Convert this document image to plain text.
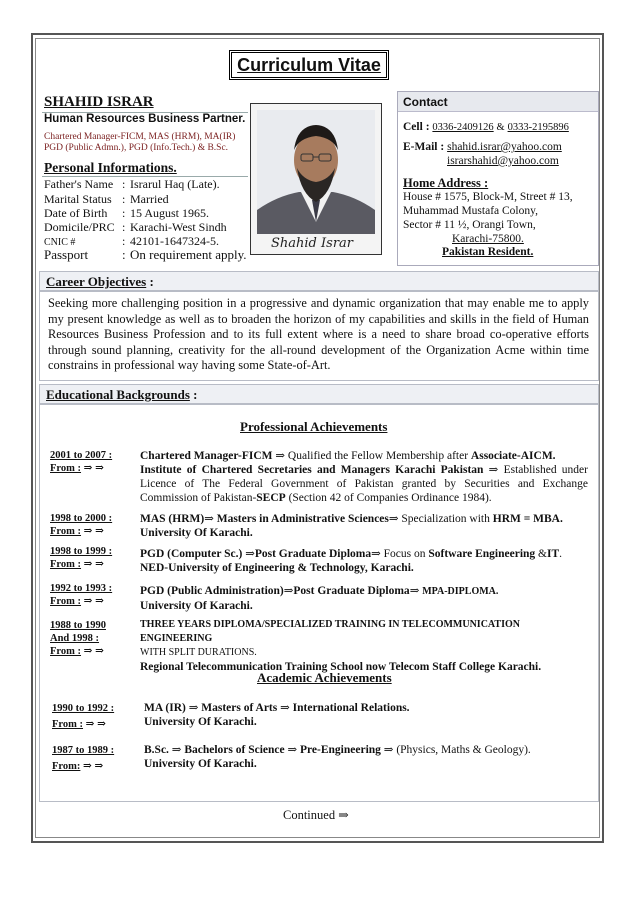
Curriculum Vitae
SHAHID ISRAR
Human Resources Business Partner.
Chartered Manager-FICM, MAS (HRM), MA(IR)
PGD (Public Admn.), PGD (Info.Tech.) & B.Sc.
Personal Informations.
Father's Name : Israrul Haq (Late).
Marital Status : Married
Date of Birth : 15 August 1965.
Domicile/PRC : Karachi-West Sindh
CNIC #	: 42101-1647324-5.
Passport	: On requirement apply.
Shahid Israr
Contact
Cell : 0336-2409126 & 0333-2195896
E-Mail : shahid.israr@yahoo.com
israrshahid@yahoo.com
Home Address :
House # 1575, Block-M, Street # 13,
Muhammad Mustafa Colony,
Sector # 11 ½, Orangi Town,
Karachi-75800.
Pakistan Resident.
Career Objectives :
Seeking more challenging position in a progressive and dynamic organization that may enable me to apply my present knowledge as well as to broaden the horizon of my capabilities and skills in the field of Human Resources Business Profession and to its full extent where is a need to share broad co-operative efforts through sound planning, creativity for the all-round development of the Organization Acme within time constrains in professional way having some State-of-Art.
Educational Backgrounds :
Professional Achievements
2001 to 2007 :
From : ⇒ ⇒
Chartered Manager-FICM ⇒ Qualified the Fellow Membership after Associate-AICM.
Institute of Chartered Secretaries and Managers Karachi Pakistan ⇒ Established under Licence of The Federal Government of Pakistan granted by Securities and Exchange Commission of Pakistan-SECP (Section 42 of Companies Ordinance 1984).
1998 to 2000 :
From : ⇒ ⇒
MAS (HRM)⇒ Masters in Administrative Sciences⇒ Specialization with HRM = MBA.
University Of Karachi.
1998 to 1999 :
From : ⇒ ⇒
PGD (Computer Sc.) ⇒Post Graduate Diploma⇒ Focus on Software Engineering &IT.
NED-University of Engineering & Technology, Karachi.
1992 to 1993 :
From : ⇒ ⇒
PGD (Public Administration)⇒Post Graduate Diploma⇒ MPA-DIPLOMA.
University Of Karachi.
1988 to 1990
And 1998 :
From : ⇒ ⇒
THREE YEARS DIPLOMA/SPECIALIZED TRAINING IN TELECOMMUNICATION ENGINEERING
WITH SPLIT DURATIONS.
Regional Telecommunication Training School now Telecom Staff College Karachi.
Academic Achievements
1990 to 1992 :
From : ⇒ ⇒
MA (IR) ⇒ Masters of Arts ⇒ International Relations.
University Of Karachi.
1987 to 1989 :
From: ⇒ ⇒
B.Sc. ⇒ Bachelors of Science ⇒ Pre-Engineering ⇒ (Physics, Maths & Geology).
University Of Karachi.
Continued ⇒
